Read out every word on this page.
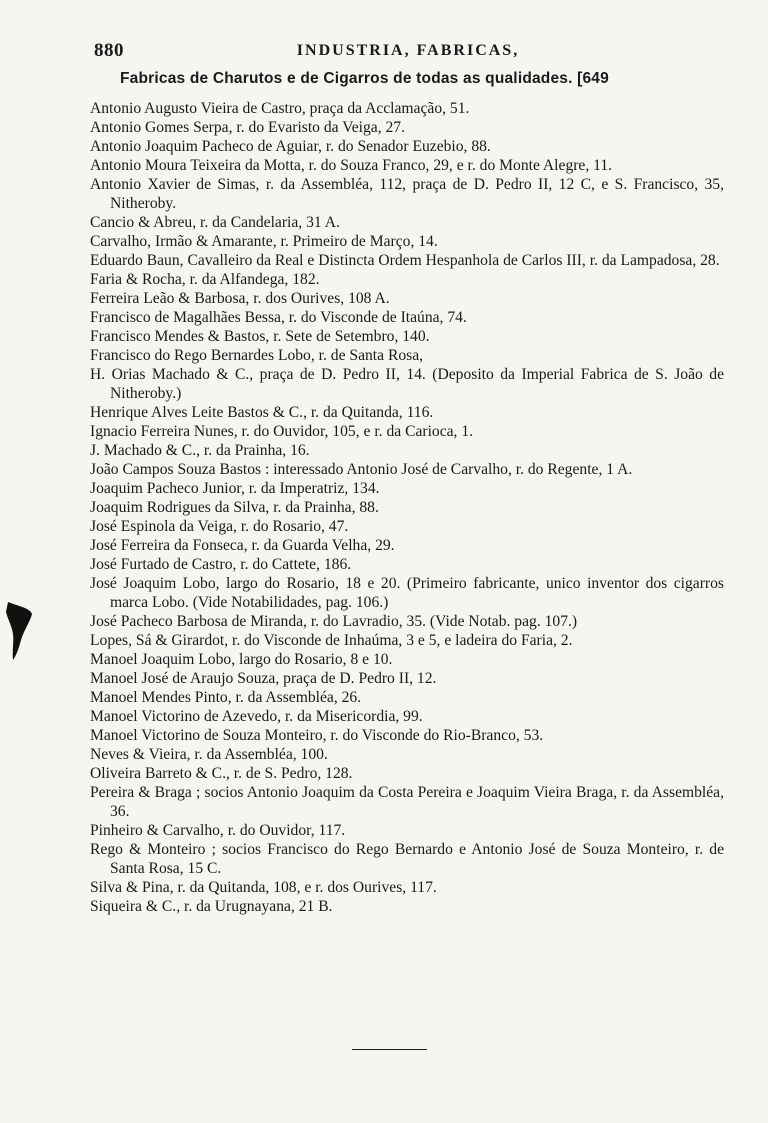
880	INDUSTRIA, FABRICAS,
Fabricas de Charutos e de Cigarros de todas as qualidades. [649
Antonio Augusto Vieira de Castro, praça da Acclamação, 51.
Antonio Gomes Serpa, r. do Evaristo da Veiga, 27.
Antonio Joaquim Pacheco de Aguiar, r. do Senador Euzebio, 88.
Antonio Moura Teixeira da Motta, r. do Souza Franco, 29, e r. do Monte Alegre, 11.
Antonio Xavier de Simas, r. da Assembléa, 112, praça de D. Pedro II, 12 C, e S. Francisco, 35, Nitheroby.
Cancio & Abreu, r. da Candelaria, 31 A.
Carvalho, Irmão & Amarante, r. Primeiro de Março, 14.
Eduardo Baun, Cavalleiro da Real e Distincta Ordem Hespanhola de Carlos III, r. da Lampadosa, 28.
Faria & Rocha, r. da Alfandega, 182.
Ferreira Leão & Barbosa, r. dos Ourives, 108 A.
Francisco de Magalhães Bessa, r. do Visconde de Itaúna, 74.
Francisco Mendes & Bastos, r. Sete de Setembro, 140.
Francisco do Rego Bernardes Lobo, r. de Santa Rosa,
H. Orias Machado & C., praça de D. Pedro II, 14. (Deposito da Imperial Fabrica de S. João de Nitheroby.)
Henrique Alves Leite Bastos & C., r. da Quitanda, 116.
Ignacio Ferreira Nunes, r. do Ouvidor, 105, e r. da Carioca, 1.
J. Machado & C., r. da Prainha, 16.
João Campos Souza Bastos : interessado Antonio José de Carvalho, r. do Regente, 1 A.
Joaquim Pacheco Junior, r. da Imperatriz, 134.
Joaquim Rodrigues da Silva, r. da Prainha, 88.
José Espinola da Veiga, r. do Rosario, 47.
José Ferreira da Fonseca, r. da Guarda Velha, 29.
José Furtado de Castro, r. do Cattete, 186.
José Joaquim Lobo, largo do Rosario, 18 e 20. (Primeiro fabricante, unico inventor dos cigarros marca Lobo. (Vide Notabilidades, pag. 106.)
José Pacheco Barbosa de Miranda, r. do Lavradio, 35. (Vide Notab. pag. 107.)
Lopes, Sá & Girardot, r. do Visconde de Inhaúma, 3 e 5, e ladeira do Faria, 2.
Manoel Joaquim Lobo, largo do Rosario, 8 e 10.
Manoel José de Araujo Souza, praça de D. Pedro II, 12.
Manoel Mendes Pinto, r. da Assembléa, 26.
Manoel Victorino de Azevedo, r. da Misericordia, 99.
Manoel Victorino de Souza Monteiro, r. do Visconde do Rio-Branco, 53.
Neves & Vieira, r. da Assembléa, 100.
Oliveira Barreto & C., r. de S. Pedro, 128.
Pereira & Braga ; socios Antonio Joaquim da Costa Pereira e Joaquim Vieira Braga, r. da Assembléa, 36.
Pinheiro & Carvalho, r. do Ouvidor, 117.
Rego & Monteiro ; socios Francisco do Rego Bernardo e Antonio José de Souza Monteiro, r. de Santa Rosa, 15 C.
Silva & Pina, r. da Quitanda, 108, e r. dos Ourives, 117.
Siqueira & C., r. da Urugnayana, 21 B.
